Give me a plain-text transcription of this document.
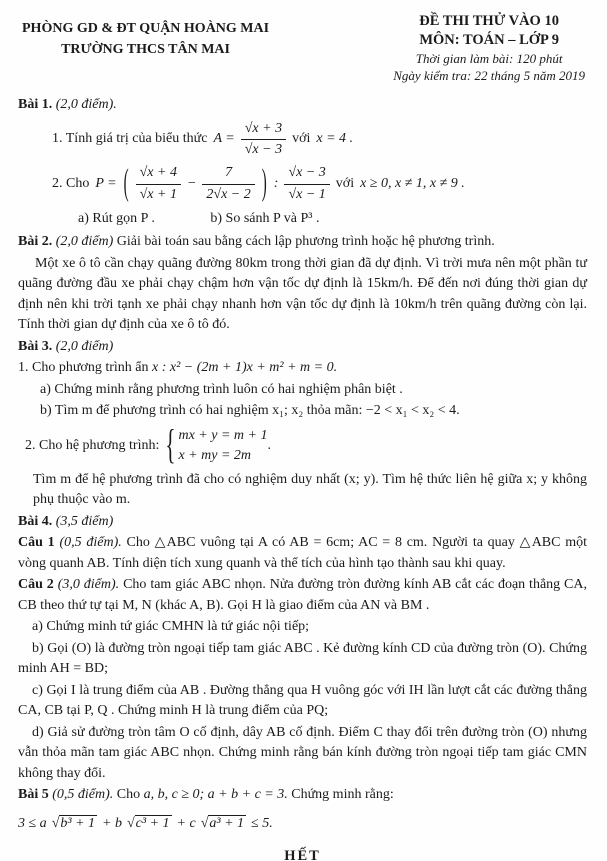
PHÒNG GD & ĐT QUẬN HOÀNG MAI
TRƯỜNG THCS TÂN MAI
ĐỀ THI THỬ VÀO 10
MÔN: TOÁN – LỚP 9
Thời gian làm bài: 120 phút
Ngày kiểm tra: 22 tháng 5 năm 2019
Bài 1. (2,0 điểm).
1. Tính giá trị của biểu thức $A = \frac{√x + 3}{√x - 3}$ với x = 4 .
2. Cho P = ( $\frac{√x + 4}{√x + 1} - \frac{7}{2√x - 2}$ ) : $\frac{√x - 3}{√x - 1}$ với x ≥ 0, x ≠ 1, x ≠ 9 .
a) Rút gọn P .	b) So sánh P và P³ .
Bài 2. (2,0 điểm) Giải bài toán sau bằng cách lập phương trình hoặc hệ phương trình.
Một xe ô tô cần chạy quãng đường 80km trong thời gian đã dự định. Vì trời mưa nên một phần tư quãng đường đầu xe phải chạy chậm hơn vận tốc dự định là 15km/h. Để đến nơi đúng thời gian dự định nên khi trời tạnh xe phải chạy nhanh hơn vận tốc dự định là 10km/h trên quãng đường còn lại. Tính thời gian dự định của xe ô tô đó.
Bài 3. (2,0 điểm)
1. Cho phương trình ẩn x : x² − (2m + 1)x + m² + m = 0.
a) Chứng minh rằng phương trình luôn có hai nghiệm phân biệt .
b) Tìm m để phương trình có hai nghiệm x₁; x₂ thỏa mãn: −2 < x₁ < x₂ < 4.
2. Cho hệ phương trình: { mx + y = m + 1
x + my = 2m
.
Tìm m để hệ phương trình đã cho có nghiệm duy nhất (x; y). Tìm hệ thức liên hệ giữa x; y không phụ thuộc vào m.
Bài 4. (3,5 điểm)
Câu 1 (0,5 điểm). Cho △ABC vuông tại A có AB = 6cm; AC = 8 cm. Người ta quay △ABC một vòng quanh AB. Tính diện tích xung quanh và thể tích của hình tạo thành sau khi quay.
Câu 2 (3,0 điểm). Cho tam giác ABC nhọn. Nửa đường tròn đường kính AB cắt các đoạn thẳng CA, CB theo thứ tự tại M, N (khác A, B). Gọi H là giao điểm của AN và BM .
a) Chứng minh tứ giác CMHN là tứ giác nội tiếp;
b) Gọi (O) là đường tròn ngoại tiếp tam giác ABC . Kẻ đường kính CD của đường tròn (O). Chứng minh AH = BD;
c) Gọi I là trung điểm của AB . Đường thẳng qua H vuông góc với IH lần lượt cắt các đường thẳng CA, CB tại P, Q . Chứng minh H là trung điểm của PQ;
d) Giả sử đường tròn tâm O cố định, dây AB cố định. Điểm C thay đổi trên đường tròn (O) nhưng vẫn thỏa mãn tam giác ABC nhọn. Chứng minh rằng bán kính đường tròn ngoại tiếp tam giác CMN không thay đổi.
Bài 5 (0,5 điểm). Cho a, b, c ≥ 0; a + b + c = 3. Chứng minh rằng:
3 ≤ a √b³ + 1 + b √c³ + 1 + c √a³ + 1 ≤ 5.
HẾT
